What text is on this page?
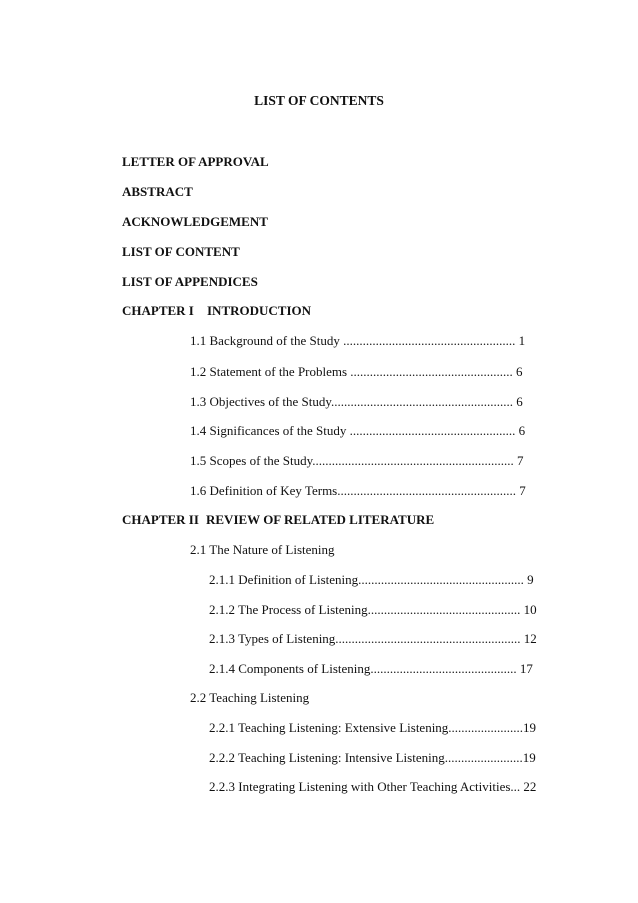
LIST OF CONTENTS
LETTER OF APPROVAL
ABSTRACT
ACKNOWLEDGEMENT
LIST OF CONTENT
LIST OF APPENDICES
CHAPTER I INTRODUCTION
1.1 Background of the Study ..................................................... 1
1.2 Statement of the Problems .................................................. 6
1.3 Objectives of the Study........................................................ 6
1.4 Significances of the Study ................................................... 6
1.5 Scopes of the Study.............................................................. 7
1.6 Definition of Key Terms....................................................... 7
CHAPTER II REVIEW OF RELATED LITERATURE
2.1 The Nature of Listening
2.1.1 Definition of Listening................................................... 9
2.1.2 The Process of Listening............................................... 10
2.1.3 Types of Listening......................................................... 12
2.1.4 Components of Listening............................................. 17
2.2 Teaching Listening
2.2.1 Teaching Listening: Extensive Listening.......................19
2.2.2 Teaching Listening: Intensive Listening........................19
2.2.3 Integrating Listening with Other Teaching Activities... 22
